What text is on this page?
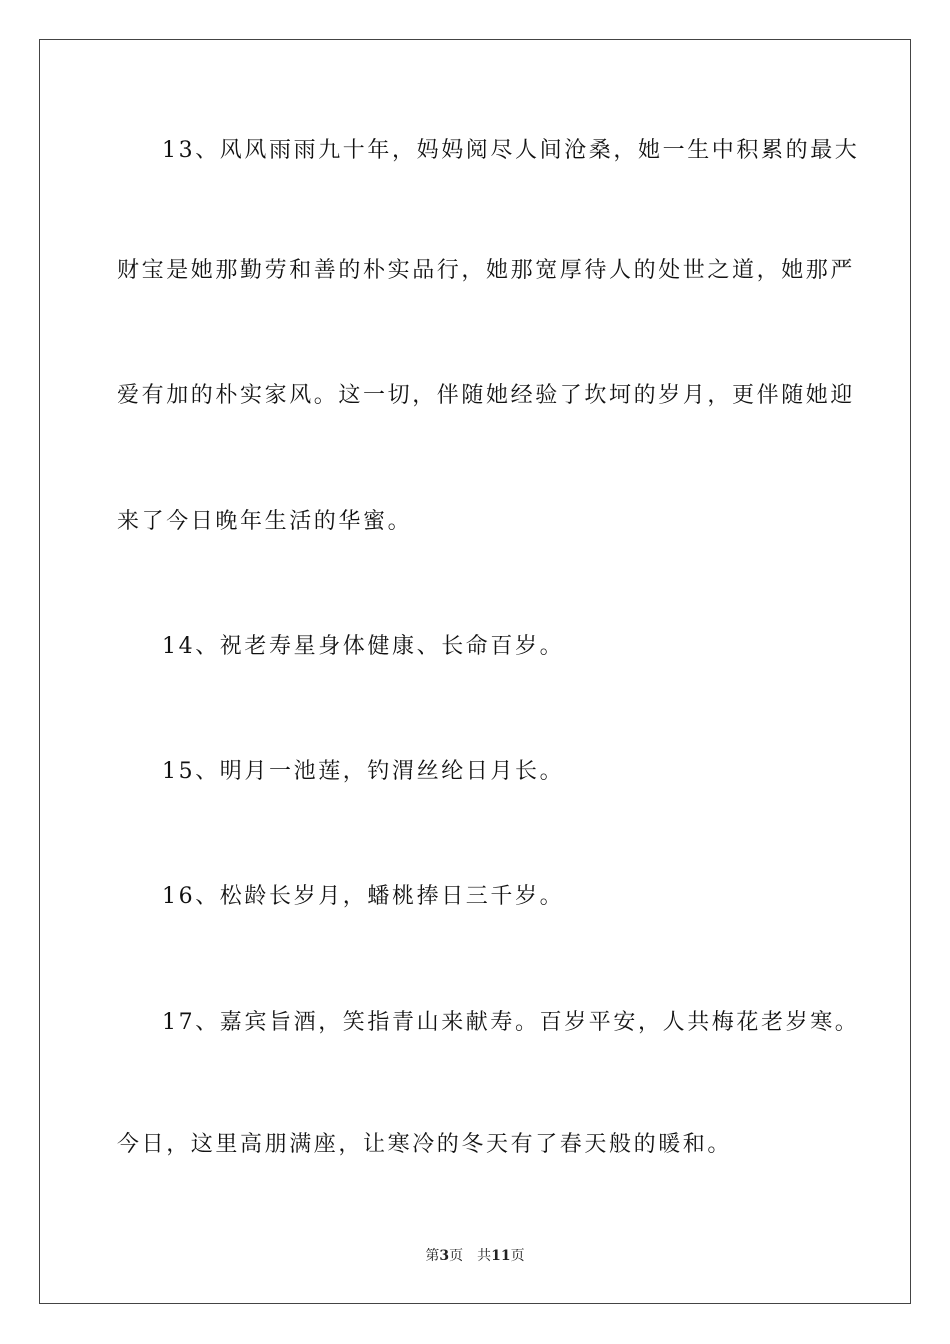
13、风风雨雨九十年，妈妈阅尽人间沧桑，她一生中积累的最大
财宝是她那勤劳和善的朴实品行，她那宽厚待人的处世之道，她那严
爱有加的朴实家风。这一切，伴随她经验了坎坷的岁月，更伴随她迎
来了今日晚年生活的华蜜。
14、祝老寿星身体健康、长命百岁。
15、明月一池莲，钓渭丝纶日月长。
16、松龄长岁月，蟠桃捧日三千岁。
17、嘉宾旨酒，笑指青山来献寿。百岁平安，人共梅花老岁寒。
今日，这里高朋满座，让寒冷的冬天有了春天般的暖和。
第3页 共11页
